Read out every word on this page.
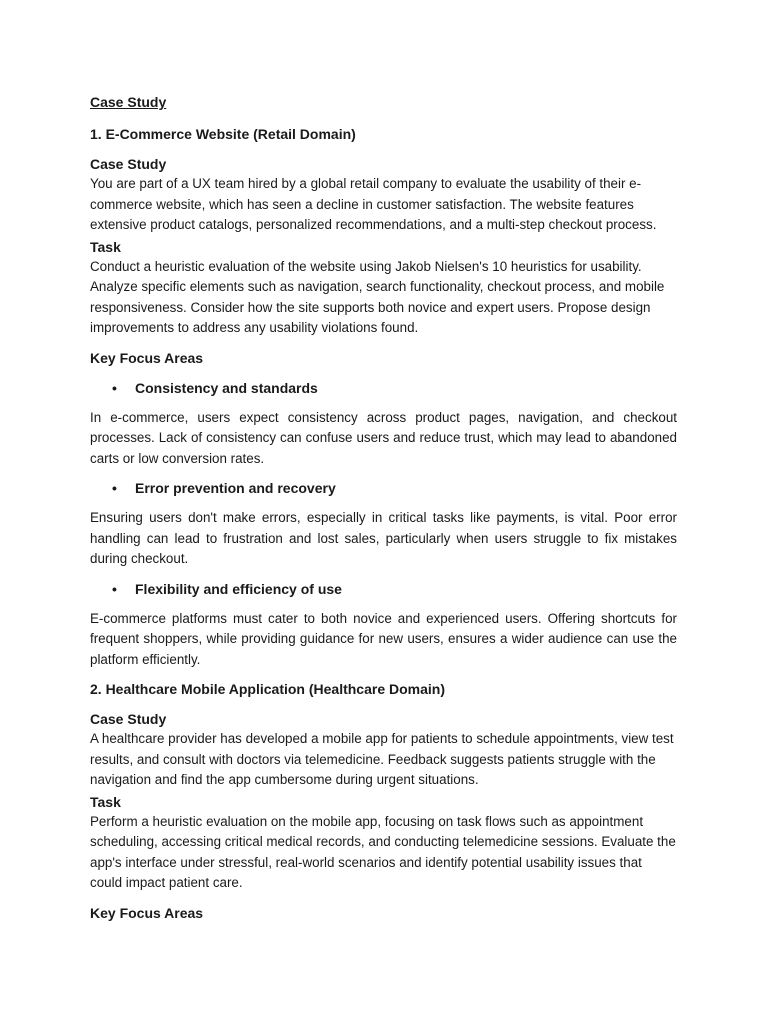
Case Study
1. E-Commerce Website (Retail Domain)
Case Study

You are part of a UX team hired by a global retail company to evaluate the usability of their e-commerce website, which has seen a decline in customer satisfaction. The website features extensive product catalogs, personalized recommendations, and a multi-step checkout process.

Task

Conduct a heuristic evaluation of the website using Jakob Nielsen's 10 heuristics for usability. Analyze specific elements such as navigation, search functionality, checkout process, and mobile responsiveness. Consider how the site supports both novice and expert users. Propose design improvements to address any usability violations found.

Key Focus Areas
•	Consistency and standards

In e-commerce, users expect consistency across product pages, navigation, and checkout processes. Lack of consistency can confuse users and reduce trust, which may lead to abandoned carts or low conversion rates.

•	Error prevention and recovery

Ensuring users don't make errors, especially in critical tasks like payments, is vital. Poor error handling can lead to frustration and lost sales, particularly when users struggle to fix mistakes during checkout.

•	Flexibility and efficiency of use

E-commerce platforms must cater to both novice and experienced users. Offering shortcuts for frequent shoppers, while providing guidance for new users, ensures a wider audience can use the platform efficiently.

2. Healthcare Mobile Application (Healthcare Domain)
Case Study

A healthcare provider has developed a mobile app for patients to schedule appointments, view test results, and consult with doctors via telemedicine. Feedback suggests patients struggle with the navigation and find the app cumbersome during urgent situations.

Task

Perform a heuristic evaluation on the mobile app, focusing on task flows such as appointment scheduling, accessing critical medical records, and conducting telemedicine sessions. Evaluate the app's interface under stressful, real-world scenarios and identify potential usability issues that could impact patient care.

Key Focus Areas
